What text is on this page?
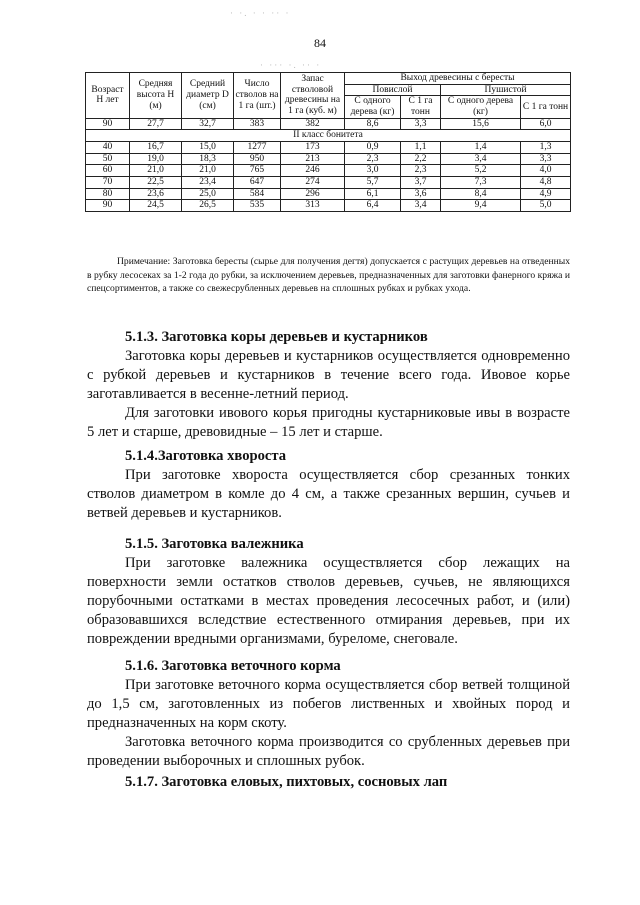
· ·. · · ·· ·
· ··· ·. ·· ·
84
Возраст Н лет	Средняя высота Н (м)	Средний диаметр D (см)	Число стволов на 1 га (шт.)	Запас стволовой древесины на 1 га (куб. м)	Выход древесины с бересты			
					Повислой		Пушистой	
					С одного дерева (кг)	С 1 га тонн	С одного дерева (кг)	С 1 га тонн
90	27,7	32,7	383	382	8,6	3,3	15,6	6,0
II класс бонитета								
40	16,7	15,0	1277	173	0,9	1,1	1,4	1,3
50	19,0	18,3	950	213	2,3	2,2	3,4	3,3
60	21,0	21,0	765	246	3,0	2,3	5,2	4,0
70	22,5	23,4	647	274	5,7	3,7	7,3	4,8
80	23,6	25,0	584	296	6,1	3,6	8,4	4,9
90	24,5	26,5	535	313	6,4	3,4	9,4	5,0

Примечание: Заготовка бересты (сырье для получения дегтя) допускается с растущих деревьев на отведенных в рубку лесосеках за 1-2 года до рубки, за исключением деревьев, предназначенных для заготовки фанерного кряжа и спецсортиментов, а также со свежесрубленных деревьев на сплошных рубках и рубках ухода.

5.1.3. Заготовка коры деревьев и кустарников

Заготовка коры деревьев и кустарников осуществляется одновременно с рубкой деревьев и кустарников в течение всего года. Ивовое корье заготавливается в весенне-летний период.

Для заготовки ивового корья пригодны кустарниковые ивы в возрасте 5 лет и старше, древовидные – 15 лет и старше.

5.1.4.Заготовка хвороста

При заготовке хвороста осуществляется сбор срезанных тонких стволов диаметром в комле до 4 см, а также срезанных вершин, сучьев и ветвей деревьев и кустарников.

5.1.5. Заготовка валежника

При заготовке валежника осуществляется сбор лежащих на поверхности земли остатков стволов деревьев, сучьев, не являющихся порубочными остатками в местах проведения лесосечных работ, и (или) образовавшихся вследствие естественного отмирания деревьев, при их повреждении вредными организмами, буреломе, снеговале.

5.1.6. Заготовка веточного корма

При заготовке веточного корма осуществляется сбор ветвей толщиной до 1,5 см, заготовленных из побегов лиственных и хвойных пород и предназначенных на корм скоту.

Заготовка веточного корма производится со срубленных деревьев при проведении выборочных и сплошных рубок.

5.1.7. Заготовка еловых, пихтовых, сосновых лап
